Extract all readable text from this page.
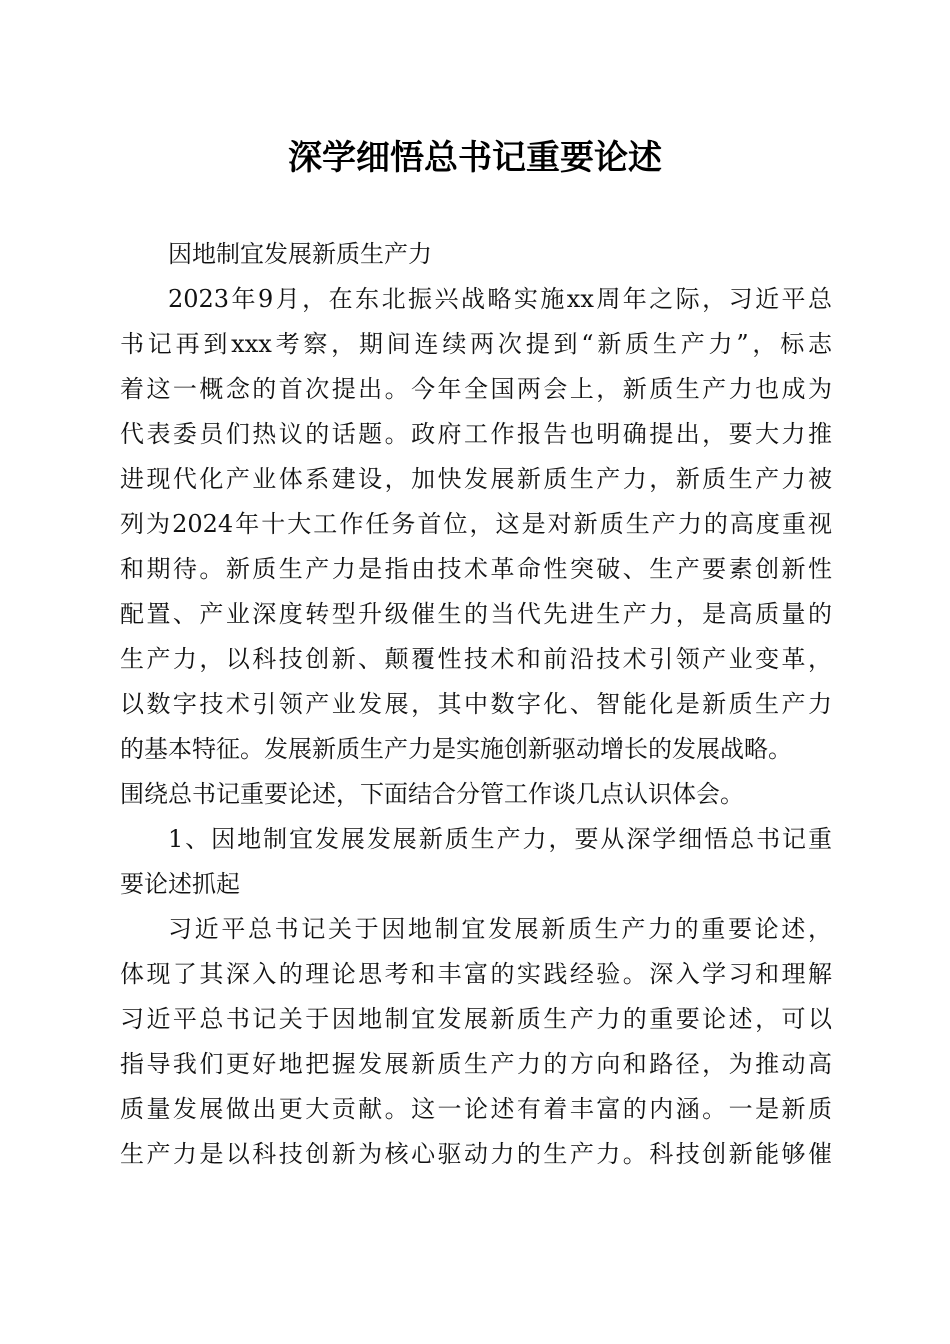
深学细悟总书记重要论述
因地制宜发展新质生产力
2023年9月，在东北振兴战略实施xx周年之际，习近平总
书记再到xxx考察，期间连续两次提到“新质生产力”，标志
着这一概念的首次提出。今年全国两会上，新质生产力也成为
代表委员们热议的话题。政府工作报告也明确提出，要大力推
进现代化产业体系建设，加快发展新质生产力，新质生产力被
列为2024年十大工作任务首位，这是对新质生产力的高度重视
和期待。新质生产力是指由技术革命性突破、生产要素创新性
配置、产业深度转型升级催生的当代先进生产力，是高质量的
生产力，以科技创新、颠覆性技术和前沿技术引领产业变革，
以数字技术引领产业发展，其中数字化、智能化是新质生产力
的基本特征。发展新质生产力是实施创新驱动增长的发展战略。
围绕总书记重要论述，下面结合分管工作谈几点认识体会。
1、因地制宜发展发展新质生产力，要从深学细悟总书记重
要论述抓起
习近平总书记关于因地制宜发展新质生产力的重要论述，
体现了其深入的理论思考和丰富的实践经验。深入学习和理解
习近平总书记关于因地制宜发展新质生产力的重要论述，可以
指导我们更好地把握发展新质生产力的方向和路径，为推动高
质量发展做出更大贡献。这一论述有着丰富的内涵。一是新质
生产力是以科技创新为核心驱动力的生产力。科技创新能够催
